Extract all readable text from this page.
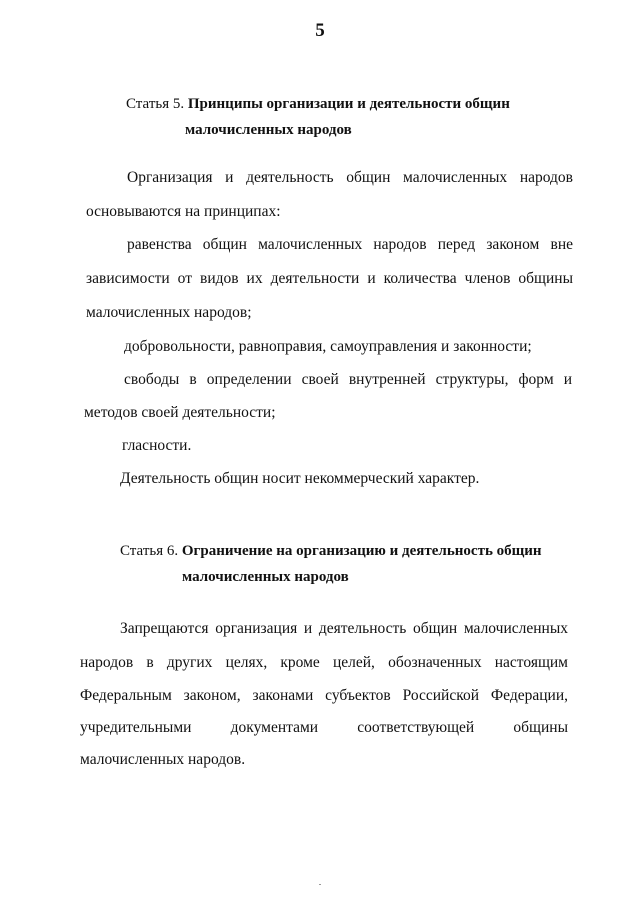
5
Статья 5. Принципы организации и деятельности общин
малочисленных народов
Организация и деятельность общин малочисленных народов
основываются на принципах:
равенства общин малочисленных народов перед законом вне
зависимости от видов их деятельности и количества членов общины
малочисленных народов;
добровольности, равноправия, самоуправления и законности;
свободы в определении своей внутренней структуры, форм и
методов своей деятельности;
гласности.
Деятельность общин носит некоммерческий характер.
Статья 6. Ограничение на организацию и деятельность общин
малочисленных народов
Запрещаются организация и деятельность общин малочисленных
народов в других целях, кроме целей, обозначенных настоящим
Федеральным законом, законами субъектов Российской Федерации,
учредительными документами соответствующей общины
малочисленных народов.
